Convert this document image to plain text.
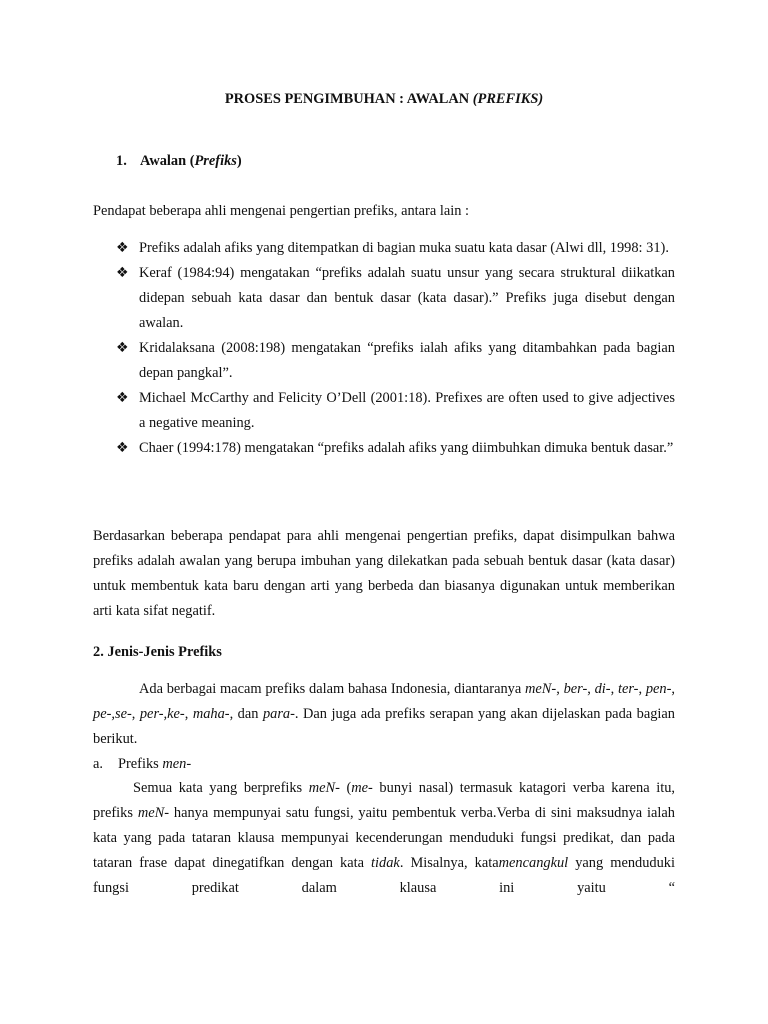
PROSES PENGIMBUHAN : AWALAN (PREFIKS)
1. Awalan (Prefiks)
Pendapat beberapa ahli mengenai pengertian prefiks, antara lain :
❖ Prefiks adalah afiks yang ditempatkan di bagian muka suatu kata dasar (Alwi dll, 1998: 31).
❖ Keraf (1984:94) mengatakan “prefiks adalah suatu unsur yang secara struktural diikatkan didepan sebuah kata dasar dan bentuk dasar (kata dasar).” Prefiks juga disebut dengan awalan.
❖ Kridalaksana (2008:198) mengatakan “prefiks ialah afiks yang ditambahkan pada bagian depan pangkal”.
❖ Michael McCarthy and Felicity O’Dell (2001:18). Prefixes are often used to give adjectives a negative meaning.
❖ Chaer (1994:178) mengatakan “prefiks adalah afiks yang diimbuhkan dimuka bentuk dasar.”
Berdasarkan beberapa pendapat para ahli mengenai pengertian prefiks, dapat disimpulkan bahwa prefiks adalah awalan yang berupa imbuhan yang dilekatkan pada sebuah bentuk dasar (kata dasar) untuk membentuk kata baru dengan arti yang berbeda dan biasanya digunakan untuk memberikan arti kata sifat negatif.
2. Jenis-Jenis Prefiks
Ada berbagai macam prefiks dalam bahasa Indonesia, diantaranya meN-, ber-, di-, ter-, pen-, pe-,se-, per-,ke-, maha-, dan para-. Dan juga ada prefiks serapan yang akan dijelaskan pada bagian berikut.
a. Prefiks men-
Semua kata yang berprefiks meN- (me- bunyi nasal) termasuk katagori verba karena itu, prefiks meN- hanya mempunyai satu fungsi, yaitu pembentuk verba.Verba di sini maksudnya ialah kata yang pada tataran klausa mempunyai kecenderungan menduduki fungsi predikat, dan pada tataran frase dapat dinegatifkan dengan kata tidak. Misalnya, katamencangkul yang menduduki fungsi predikat dalam klausa ini yaitu “
